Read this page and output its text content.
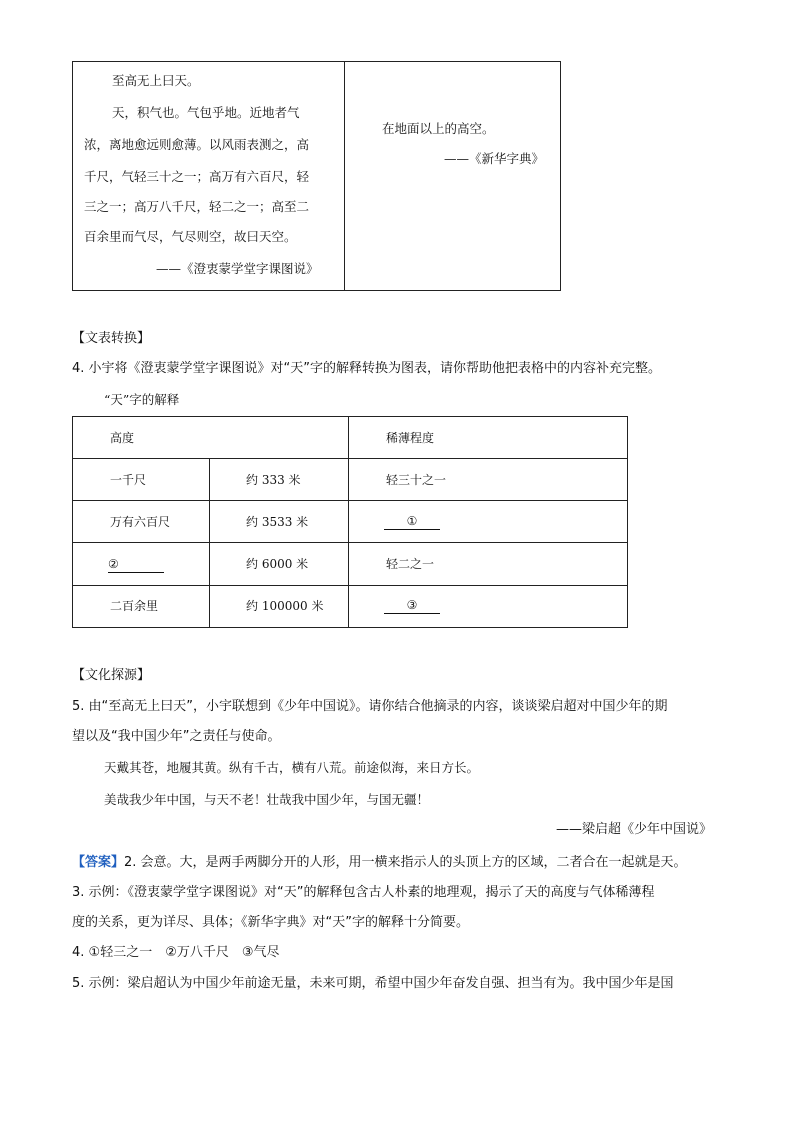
至高无上曰天。
天，积气也。气包乎地。近地者气
浓，离地愈远则愈薄。以风雨表测之，高
千尺，气轻三十之一；高万有六百尺，轻
三之一；高万八千尺，轻二之一；高至二
百余里而气尽，气尽则空，故曰天空。
——《澄衷蒙学堂字课图说》
在地面以上的高空。
——《新华字典》
【文表转换】
4. 小宇将《澄衷蒙学堂字课图说》对“天”字的解释转换为图表，请你帮助他把表格中的内容补充完整。
“天”字的解释
高度	稀薄程度
一千尺	约 333 米	轻三十之一
万有六百尺	约 3533 米	①
②	约 6000 米	轻二之一
二百余里	约 100000 米	③
【文化探源】
5. 由“至高无上曰天”，小宇联想到《少年中国说》。请你结合他摘录的内容，谈谈梁启超对中国少年的期
望以及“我中国少年”之责任与使命。
天戴其苍，地履其黄。纵有千古，横有八荒。前途似海，来日方长。
美哉我少年中国，与天不老！壮哉我中国少年，与国无疆！
——梁启超《少年中国说》
【答案】2. 会意。大，是两手两脚分开的人形，用一横来指示人的头顶上方的区域，二者合在一起就是天。
3. 示例：《澄衷蒙学堂字课图说》对“天”的解释包含古人朴素的地理观，揭示了天的高度与气体稀薄程
度的关系，更为详尽、具体；《新华字典》对“天”字的解释十分简要。
4. ①轻三之一　②万八千尺　③气尽
5. 示例：梁启超认为中国少年前途无量，未来可期，希望中国少年奋发自强、担当有为。我中国少年是国
